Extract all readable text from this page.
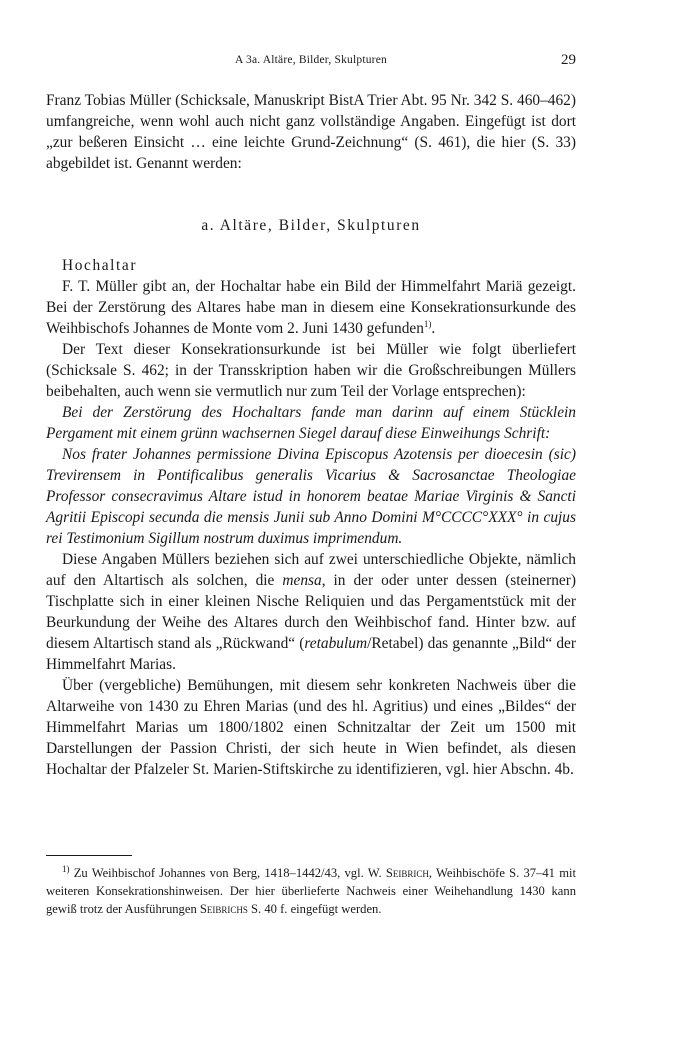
A 3a. Altäre, Bilder, Skulpturen	29

Franz Tobias Müller (Schicksale, Manuskript BistA Trier Abt. 95 Nr. 342 S. 460–462) umfangreiche, wenn wohl auch nicht ganz vollständige Angaben. Eingefügt ist dort „zur beßeren Einsicht … eine leichte Grund-Zeichnung“ (S. 461), die hier (S. 33) abgebildet ist. Genannt werden:

a. Altäre, Bilder, Skulpturen

Hochaltar

F. T. Müller gibt an, der Hochaltar habe ein Bild der Himmelfahrt Mariä gezeigt. Bei der Zerstörung des Altares habe man in diesem eine Konsekrationsurkunde des Weihbischofs Johannes de Monte vom 2. Juni 1430 gefunden$^{1)}$.

Der Text dieser Konsekrationsurkunde ist bei Müller wie folgt überliefert (Schicksale S. 462; in der Transskription haben wir die Großschreibungen Müllers beibehalten, auch wenn sie vermutlich nur zum Teil der Vorlage entsprechen):

Bei der Zerstörung des Hochaltars fande man darinn auf einem Stücklein Pergament mit einem grünn wachsernen Siegel darauf diese Einweihungs Schrift:

Nos frater Johannes permissione Divina Episcopus Azotensis per dioecesin (sic) Trevirensem in Pontificalibus generalis Vicarius & Sacrosanctae Theologiae Professor consecravimus Altare istud in honorem beatae Mariae Virginis & Sancti Agritii Episcopi secunda die mensis Junii sub Anno Domini M°CCCC°XXX° in cujus rei Testimonium Sigillum nostrum duximus imprimendum.

Diese Angaben Müllers beziehen sich auf zwei unterschiedliche Objekte, nämlich auf den Altartisch als solchen, die mensa, in der oder unter dessen (steinerner) Tischplatte sich in einer kleinen Nische Reliquien und das Pergamentstück mit der Beurkundung der Weihe des Altares durch den Weihbischof fand. Hinter bzw. auf diesem Altartisch stand als „Rückwand“ (retabulum/Retabel) das genannte „Bild“ der Himmelfahrt Marias.

Über (vergebliche) Bemühungen, mit diesem sehr konkreten Nachweis über die Altarweihe von 1430 zu Ehren Marias (und des hl. Agritius) und eines „Bildes“ der Himmelfahrt Marias um 1800/1802 einen Schnitzaltar der Zeit um 1500 mit Darstellungen der Passion Christi, der sich heute in Wien befindet, als diesen Hochaltar der Pfalzeler St. Marien-Stiftskirche zu identifizieren, vgl. hier Abschn. 4b.

$^{1)}$ Zu Weihbischof Johannes von Berg, 1418–1442/43, vgl. W. Seibrich, Weihbischöfe S. 37–41 mit weiteren Konsekrationshinweisen. Der hier überlieferte Nachweis einer Weihehandlung 1430 kann gewiß trotz der Ausführungen Seibrichs S. 40 f. eingefügt werden.
